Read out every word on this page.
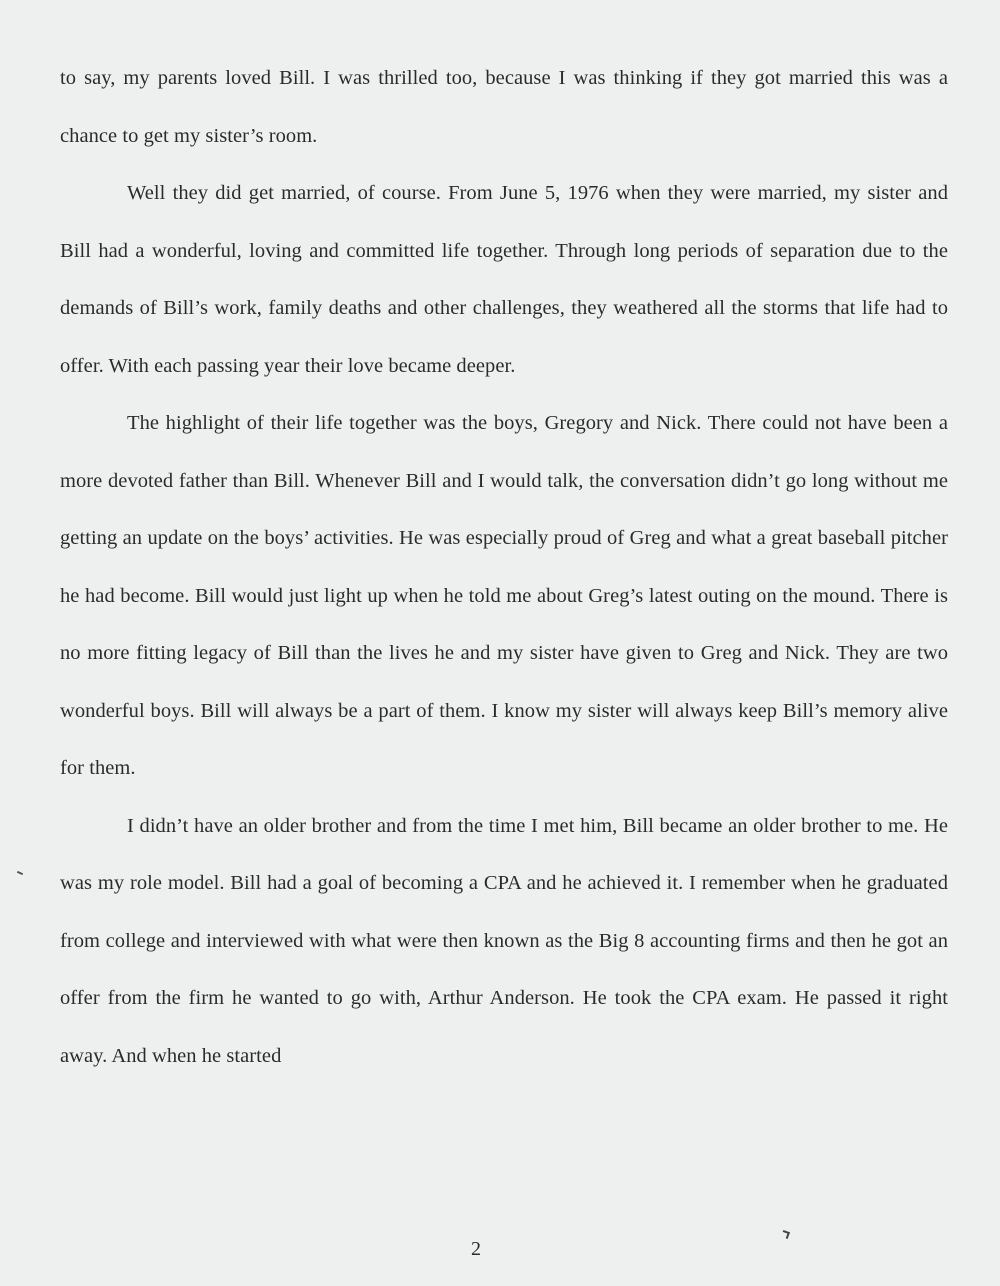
to say, my parents loved Bill. I was thrilled too, because I was thinking if they got married this was a chance to get my sister’s room.

Well they did get married, of course. From June 5, 1976 when they were married, my sister and Bill had a wonderful, loving and committed life together. Through long periods of separation due to the demands of Bill’s work, family deaths and other challenges, they weathered all the storms that life had to offer. With each passing year their love became deeper.

The highlight of their life together was the boys, Gregory and Nick. There could not have been a more devoted father than Bill. Whenever Bill and I would talk, the conversation didn’t go long without me getting an update on the boys’ activities. He was especially proud of Greg and what a great baseball pitcher he had become. Bill would just light up when he told me about Greg’s latest outing on the mound. There is no more fitting legacy of Bill than the lives he and my sister have given to Greg and Nick. They are two wonderful boys. Bill will always be a part of them. I know my sister will always keep Bill’s memory alive for them.

I didn’t have an older brother and from the time I met him, Bill became an older brother to me. He was my role model. Bill had a goal of becoming a CPA and he achieved it. I remember when he graduated from college and interviewed with what were then known as the Big 8 accounting firms and then he got an offer from the firm he wanted to go with, Arthur Anderson. He took the CPA exam. He passed it right away. And when he started

2
